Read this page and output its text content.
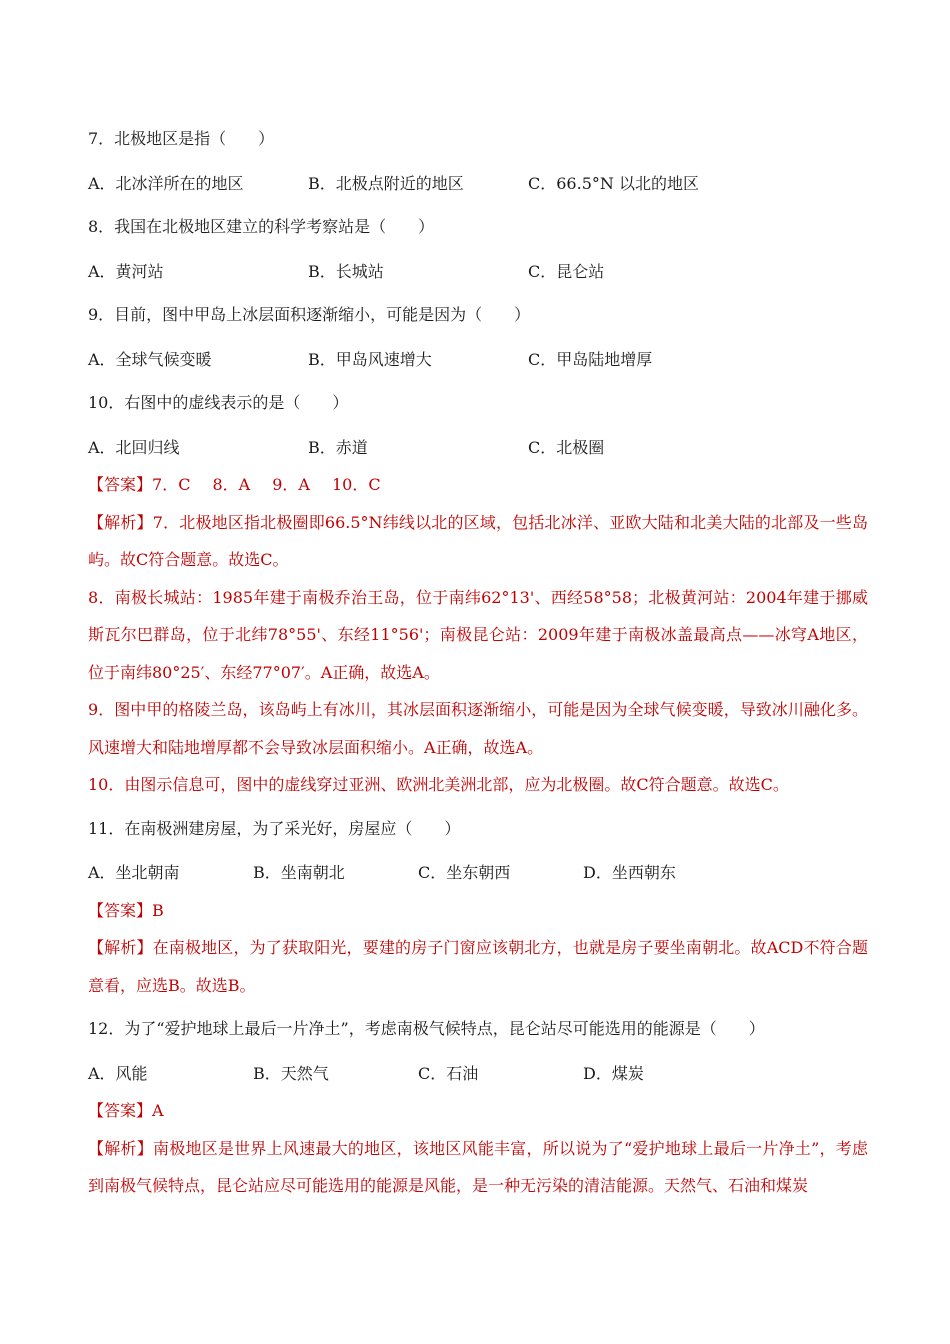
7．北极地区是指（　　）

A．北冰洋所在的地区	B．北极点附近的地区	C．66.5°N 以北的地区

8．我国在北极地区建立的科学考察站是（　　）

A．黄河站	B．长城站	C．昆仑站

9．目前，图中甲岛上冰层面积逐渐缩小，可能是因为（　　）

A．全球气候变暖	B．甲岛风速增大	C．甲岛陆地增厚

10．右图中的虚线表示的是（　　）

A．北回归线	B．赤道	C．北极圈
【答案】7．C 8．A 9．A 10．C

【解析】7．北极地区指北极圈即66.5°N纬线以北的区域，包括北冰洋、亚欧大陆和北美大陆的北部及一些岛屿。故C符合题意。故选C。

8．南极长城站：1985年建于南极乔治王岛，位于南纬62°13'、西经58°58；北极黄河站：2004年建于挪威斯瓦尔巴群岛，位于北纬78°55'、东经11°56'；南极昆仑站：2009年建于南极冰盖最高点——冰穹A地区，位于南纬80°25′、东经77°07′。A正确，故选A。

9．图中甲的格陵兰岛，该岛屿上有冰川，其冰层面积逐渐缩小，可能是因为全球气候变暖，导致冰川融化多。风速增大和陆地增厚都不会导致冰层面积缩小。A正确，故选A。

10．由图示信息可，图中的虚线穿过亚洲、欧洲北美洲北部，应为北极圈。故C符合题意。故选C。

11．在南极洲建房屋，为了采光好，房屋应（　　）

A．坐北朝南	B．坐南朝北	C．坐东朝西	D．坐西朝东

【答案】B

【解析】在南极地区，为了获取阳光，要建的房子门窗应该朝北方，也就是房子要坐南朝北。故ACD不符合题意看，应选B。故选B。

12．为了“爱护地球上最后一片净土”，考虑南极气候特点，昆仑站尽可能选用的能源是（　　）

A．风能	B．天然气	C．石油	D．煤炭

【答案】A

【解析】南极地区是世界上风速最大的地区，该地区风能丰富，所以说为了“爱护地球上最后一片净土”，考虑到南极气候特点，昆仑站应尽可能选用的能源是风能，是一种无污染的清洁能源。天然气、石油和煤炭
